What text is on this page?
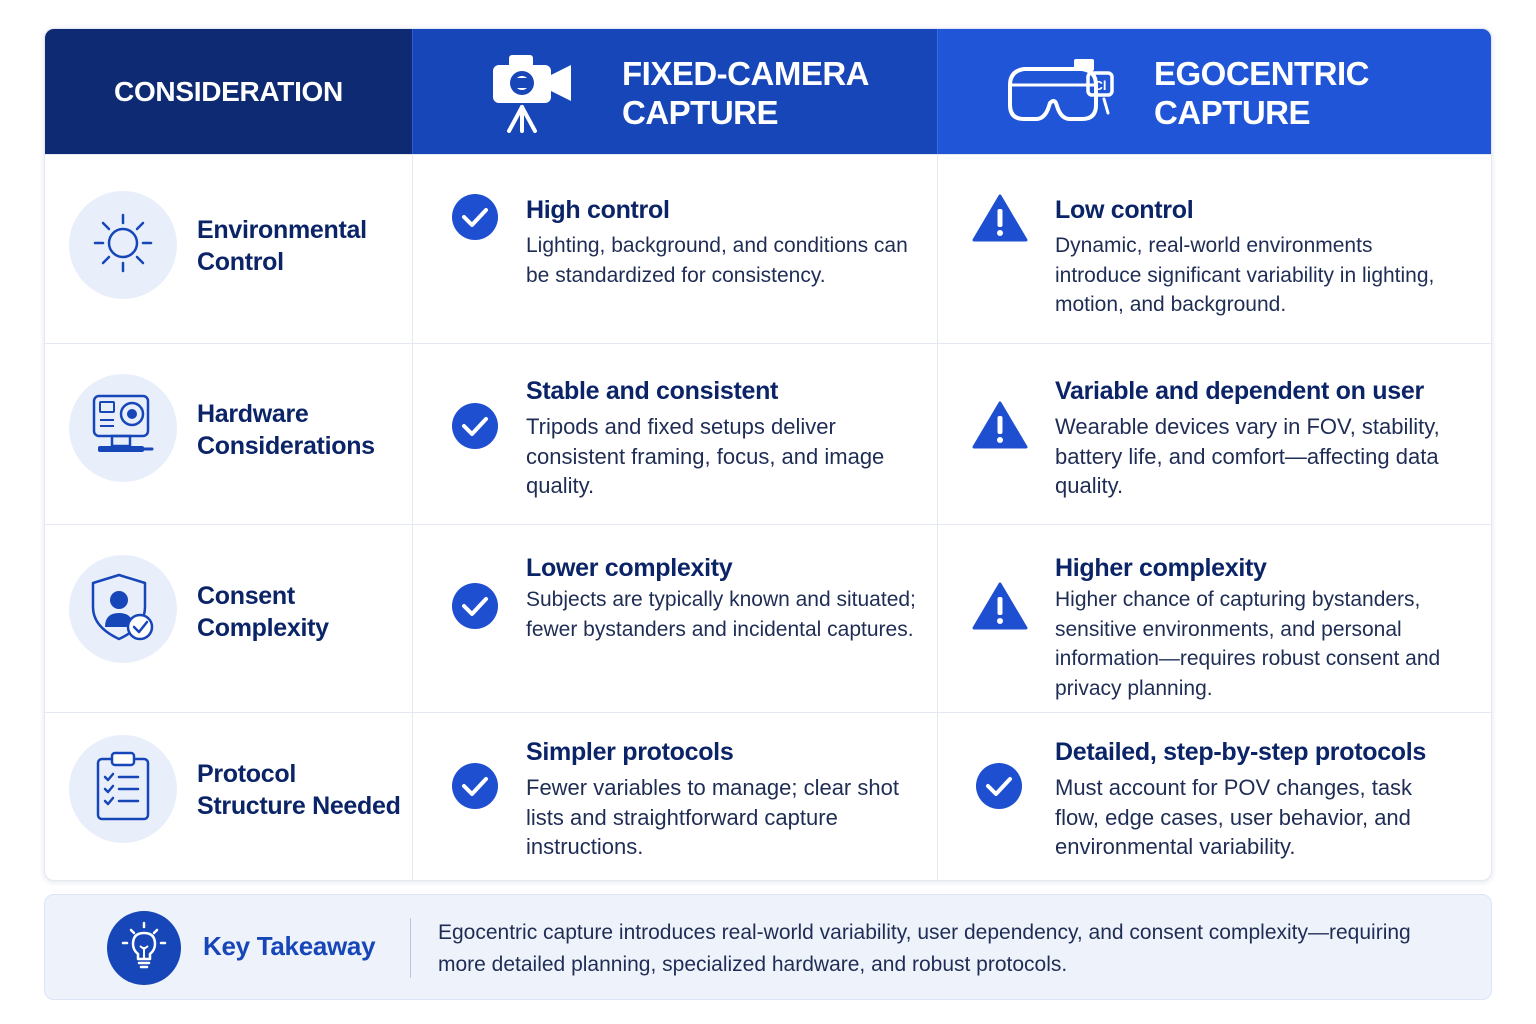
CONSIDERATION	FIXED-CAMERA
CAPTURE
Cl EGOCENTRIC
CAPTURE
Environmental
Control
High control
Lighting, background, and conditions can be standardized for consistency.
Low control
Dynamic, real-world environments introduce significant variability in lighting, motion, and background.
Hardware
Considerations
Stable and consistent
Tripods and fixed setups deliver consistent framing, focus, and image quality.
Variable and dependent on user
Wearable devices vary in FOV, stability, battery life, and comfort—affecting data quality.
Consent
Complexity
Lower complexity
Subjects are typically known and situated; fewer bystanders and incidental captures.
Higher complexity
Higher chance of capturing bystanders, sensitive environments, and personal information—requires robust consent and privacy planning.
Protocol
Structure Needed
Simpler protocols
Fewer variables to manage; clear shot lists and straightforward capture instructions.
Detailed, step-by-step protocols
Must account for POV changes, task flow, edge cases, user behavior, and environmental variability.
Key Takeaway	Egocentric capture introduces real-world variability, user dependency, and consent complexity—requiring more detailed planning, specialized hardware, and robust protocols.
